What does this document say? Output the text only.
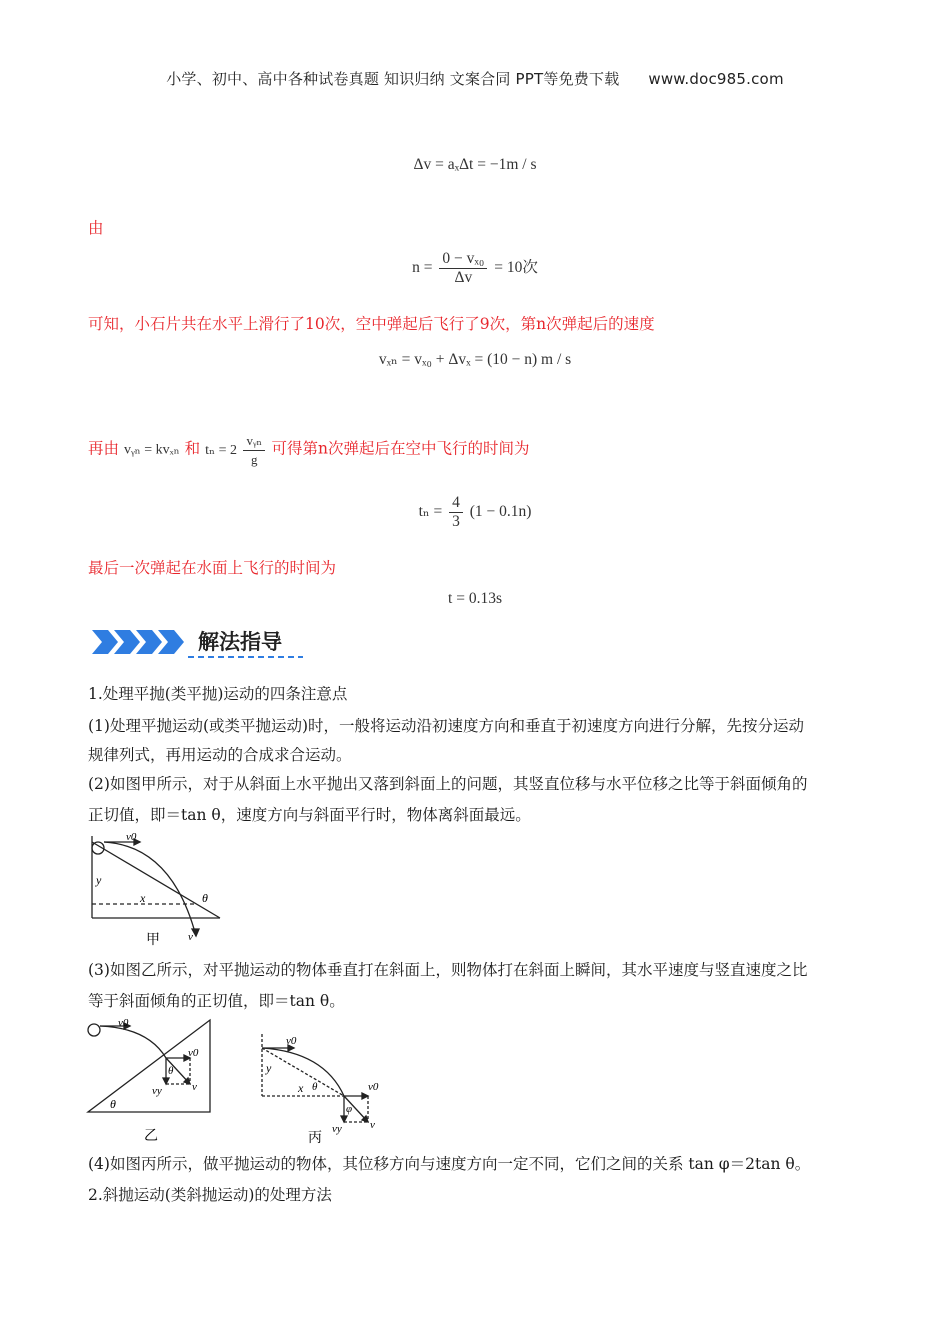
小学、初中、高中各种试卷真题 知识归纳 文案合同 PPT等免费下载 www.doc985.com
Δv = aₓΔt = −1m / s
由
$n = \frac{\text{0 − vₓ₀}}{\Delta v} = 10$次
可知，小石片共在水平上滑行了10次，空中弹起后飞行了9次，第n次弹起后的速度
vₓₙ = vₓ₀ + Δvₓ = (10 − n) m / s
再由 vᵧₙ = kvₓₙ 和 $t_n = 2 \frac{\text{vᵧₙ}}{g}$ 可得第n次弹起后在空中飞行的时间为
$t_n = \frac{4}{3} (1 - 0.1n)$
最后一次弹起在水面上飞行的时间为
t = 0.13s
解法指导
1.处理平抛(类平抛)运动的四条注意点
(1)处理平抛运动(或类平抛运动)时，一般将运动沿初速度方向和垂直于初速度方向进行分解，先按分运动
规律列式，再用运动的合成求合运动。
(2)如图甲所示，对于从斜面上水平抛出又落到斜面上的问题，其竖直位移与水平位移之比等于斜面倾角的
正切值，即＝tan θ，速度方向与斜面平行时，物体离斜面最远。
v0
y
x	θ
v
甲
(3)如图乙所示，对平抛运动的物体垂直打在斜面上，则物体打在斜面上瞬间，其水平速度与竖直速度之比
等于斜面倾角的正切值，即＝tan θ。
v0
v0
θ
vy	v
θ
乙
v0
y
x θ
φ
v0
vy	v
丙
(4)如图丙所示，做平抛运动的物体，其位移方向与速度方向一定不同，它们之间的关系 tan φ＝2tan θ。
2.斜抛运动(类斜抛运动)的处理方法
